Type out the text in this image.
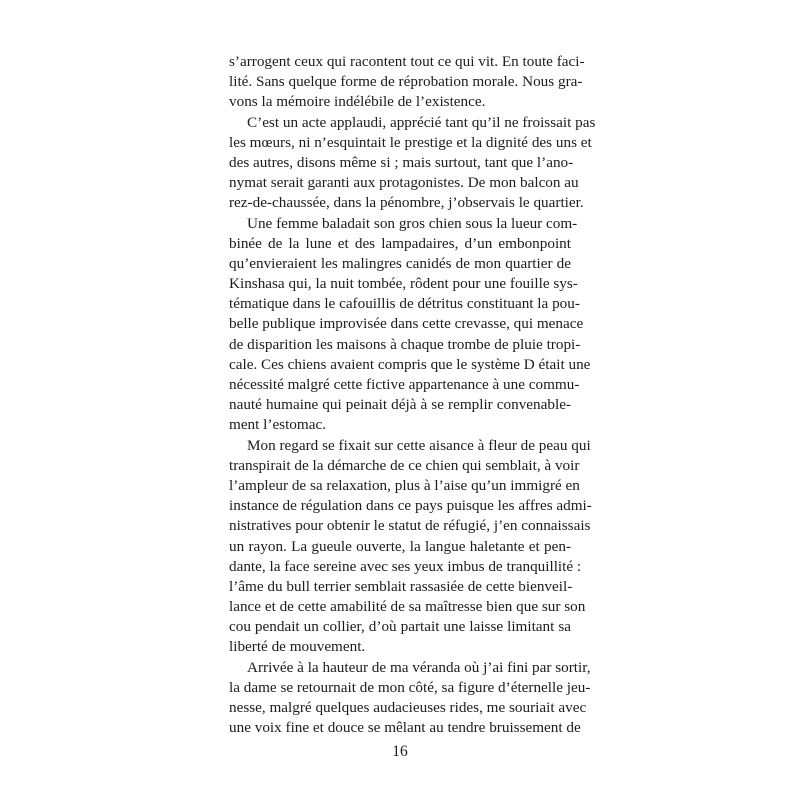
s’arrogent ceux qui racontent tout ce qui vit. En toute faci-
lité. Sans quelque forme de réprobation morale. Nous gra-
vons la mémoire indélébile de l’existence.
C’est un acte applaudi, apprécié tant qu’il ne froissait pas
les mœurs, ni n’esquintait le prestige et la dignité des uns et
des autres, disons même si ; mais surtout, tant que l’ano-
nymat serait garanti aux protagonistes. De mon balcon au
rez-de-chaussée, dans la pénombre, j’observais le quartier.
Une femme baladait son gros chien sous la lueur com-
binée de la lune et des lampadaires, d’un embonpoint
qu’envieraient les malingres canidés de mon quartier de
Kinshasa qui, la nuit tombée, rôdent pour une fouille sys-
tématique dans le cafouillis de détritus constituant la pou-
belle publique improvisée dans cette crevasse, qui menace
de disparition les maisons à chaque trombe de pluie tropi-
cale. Ces chiens avaient compris que le système D était une
nécessité malgré cette fictive appartenance à une commu-
nauté humaine qui peinait déjà à se remplir convenable-
ment l’estomac.
Mon regard se fixait sur cette aisance à fleur de peau qui
transpirait de la démarche de ce chien qui semblait, à voir
l’ampleur de sa relaxation, plus à l’aise qu’un immigré en
instance de régulation dans ce pays puisque les affres admi-
nistratives pour obtenir le statut de réfugié, j’en connaissais
un rayon. La gueule ouverte, la langue haletante et pen-
dante, la face sereine avec ses yeux imbus de tranquillité :
l’âme du bull terrier semblait rassasiée de cette bienveil-
lance et de cette amabilité de sa maîtresse bien que sur son
cou pendait un collier, d’où partait une laisse limitant sa
liberté de mouvement.
Arrivée à la hauteur de ma véranda où j’ai fini par sortir,
la dame se retournait de mon côté, sa figure d’éternelle jeu-
nesse, malgré quelques audacieuses rides, me souriait avec
une voix fine et douce se mêlant au tendre bruissement de
16
